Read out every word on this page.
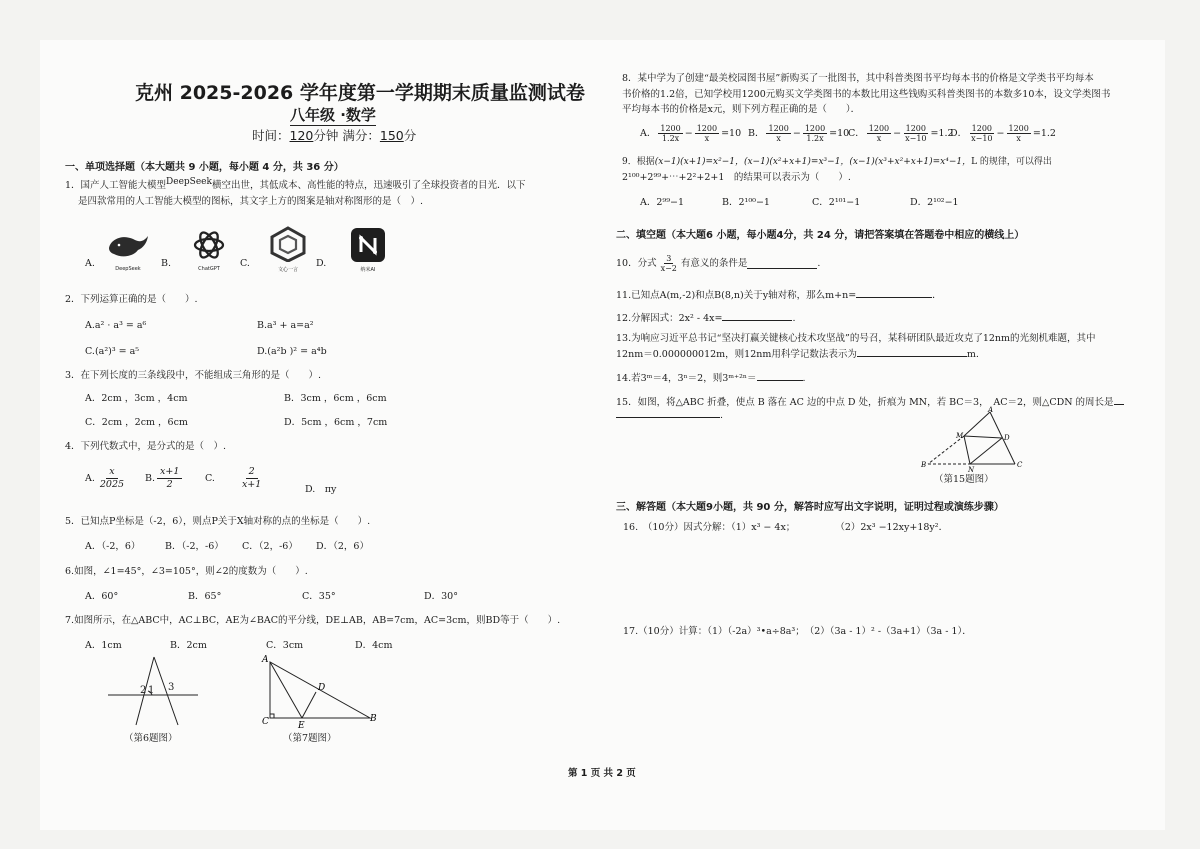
克州 2025-2026 学年度第一学期期末质量监测试卷
八年级 ·数学
时间：120分钟 满分：150分
一、单项选择题（本大题共 9 小题，每小题 4 分，共 36 分）
1．国产人工智能大模型$^{DeepSeek}$横空出世，其低成本、高性能的特点，迅速吸引了全球投资者的目光．以下
是四款常用的人工智能大模型的图标，其文字上方的图案是轴对称图形的是（　）.
A.	B.	C.	D.
DeepSeek	ChatGPT	文心一言	纳米AI
2．下列运算正确的是（　　）.
A.a² · a³ = a⁶	B.a³ + a=a²
C.(a²)³ = a⁵	D.(a²b )² = a⁴b
3．在下列长度的三条线段中，不能组成三角形的是（　　）.
A．2cm ，3cm ，4cm	B．3cm ，6cm ，6cm
C．2cm ，2cm ，6cm	D．5cm ，6cm ，7cm
4．下列代数式中，是分式的是（　）.
A. $\frac{x}{2025} B$. $\frac{x+1}{2} C$.	$\frac{2}{x+1}$	D.　πy
5．已知点P坐标是（-2，6），则点P关于X轴对称的点的坐标是（　　）.
A．（-2，6）	B．（-2，-6） C．（2，-6） D．（2，6）
6.如图，∠1=45°，∠3=105°，则∠2的度数为（　　）.
A．60°	B．65°	C．35°	D．30°
7.如图所示，在△ABC中，AC⊥BC，AE为∠BAC的平分线，DE⊥AB，AB=7cm，AC=3cm，则BD等于（　　）.
A．1cm	B．2cm	C．3cm	D．4cm
1
2 3
（第6题图）
A
C	B
D
E
（第7题图）
8．某中学为了创建“最美校园图书屋”新购买了一批图书，其中科普类图书平均每本书的价格是文学类书平均每本
书价格的1.2倍，已知学校用1200元购买文学类图书的本数比用这些钱购买科普类图书的本数多10本，设文学类图书
平均每本书的价格是x元，则下列方程正确的是（　　）．
A． $\frac{1200}{1.2x} - \frac{1200}{x} =10$ B． $\frac{1200}{x} - \frac{1200}{1.2x} =10$
C． $\frac{1200}{x} - \frac{1200}{x-10} =1.2$
D． $\frac{1200}{x-10} - \frac{1200}{x} =1.2$
9．根据(x−1)(x+1)=x²−1，(x−1)(x²+x+1)=x³−1，(x−1)(x³+x²+x+1)=x⁴−1，L 的规律，可以得出
2¹⁰⁰+2⁹⁹+⋯+2²+2+1　 的结果可以表示为（　　）.
A．2⁹⁹−1	B．2¹⁰⁰−1	C．2¹⁰¹−1	D．2¹⁰²−1
二、填空题（本大题6 小题，每小题4分，共 24 分，请把答案填在答题卷中相应的横线上）
10．分式 $\frac{3}{x-2}$ 有意义的条件是	.
11.已知点A(m,-2)和点B(8,n)关于y轴对称，那么m+n=	．
12.分解因式：2x² - 4x=	.
13.为响应习近平总书记“坚决打赢关键核心技术攻坚战”的号召，某科研团队最近攻克了12nm的光刻机难题，其中
12nm＝0.000000012m，则12nm用科学记数法表示为	m.
14.若3ᵐ＝4，3ⁿ＝2，则3ᵐ⁺²ⁿ＝	.
15．如图，将△ABC 折叠，使点 B 落在 AC 边的中点 D 处，折痕为 MN，若 BC＝3，　AC＝2，则△CDN 的周长是
.	A
B	C
D
M
N
（第15题图）
三、解答题（本大题9小题，共 90 分，解答时应写出文字说明，证明过程或演练步骤）
16.　（10分）因式分解：（1）x³ − 4x；	（2）2x³ −12xy+18y²．
17.（10分）计算：（1）（-2a）³•a÷8a³；　（2）（3a - 1）² -（3a+1）（3a - 1）．
第 1 页 共 2 页
